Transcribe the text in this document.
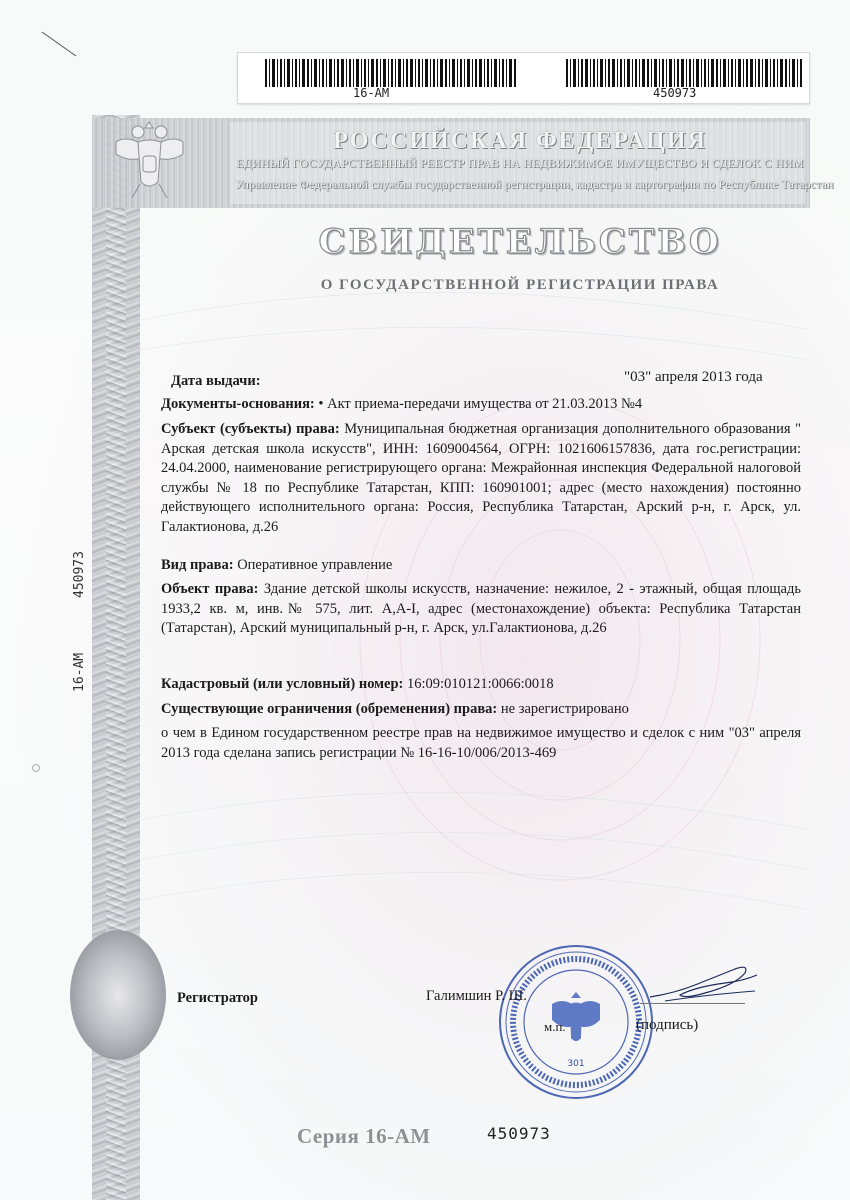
РОССИЙСКАЯ ФЕДЕРАЦИЯ
ЕДИНЫЙ ГОСУДАРСТВЕННЫЙ РЕЕСТР ПРАВ НА НЕДВИЖИМОЕ ИМУЩЕСТВО И СДЕЛОК С НИМ
Управление Федеральной службы государственной регистрации, кадастра и картографии по Республике Татарстан
16-AM	450973
СВИДЕТЕЛЬСТВО
О ГОСУДАРСТВЕННОЙ РЕГИСТРАЦИИ ПРАВА
450973
16-AM
Дата выдачи:	"03" апреля 2013 года
Документы-основания: • Акт приема-передачи имущества от 21.03.2013 №4
Субъект (субъекты) права: Муниципальная бюджетная организация дополнительного образования " Арская детская школа искусств", ИНН: 1609004564, ОГРН: 1021606157836, дата гос.регистрации: 24.04.2000, наименование регистрирующего органа: Межрайонная инспекция Федеральной налоговой службы № 18 по Республике Татарстан, КПП: 160901001; адрес (место нахождения) постоянно действующего исполнительного органа: Россия, Республика Татарстан, Арский р-н, г. Арск, ул. Галактионова, д.26
Вид права: Оперативное управление
Объект права: Здание детской школы искусств, назначение: нежилое, 2 - этажный, общая площадь 1933,2 кв. м, инв.№ 575, лит. А,А-I, адрес (местонахождение) объекта: Республика Татарстан (Татарстан), Арский муниципальный р-н, г. Арск, ул.Галактионова, д.26
Кадастровый (или условный) номер: 16:09:010121:0066:0018
Существующие ограничения (обременения) права: не зарегистрировано
о чем в Едином государственном реестре прав на недвижимое имущество и сделок с ним "03" апреля 2013 года сделана запись регистрации № 16-16-10/006/2013-469
Регистратор
301
Галимшин Р. Ш.
м.п.	(подпись)
Серия 16-АМ	450973
